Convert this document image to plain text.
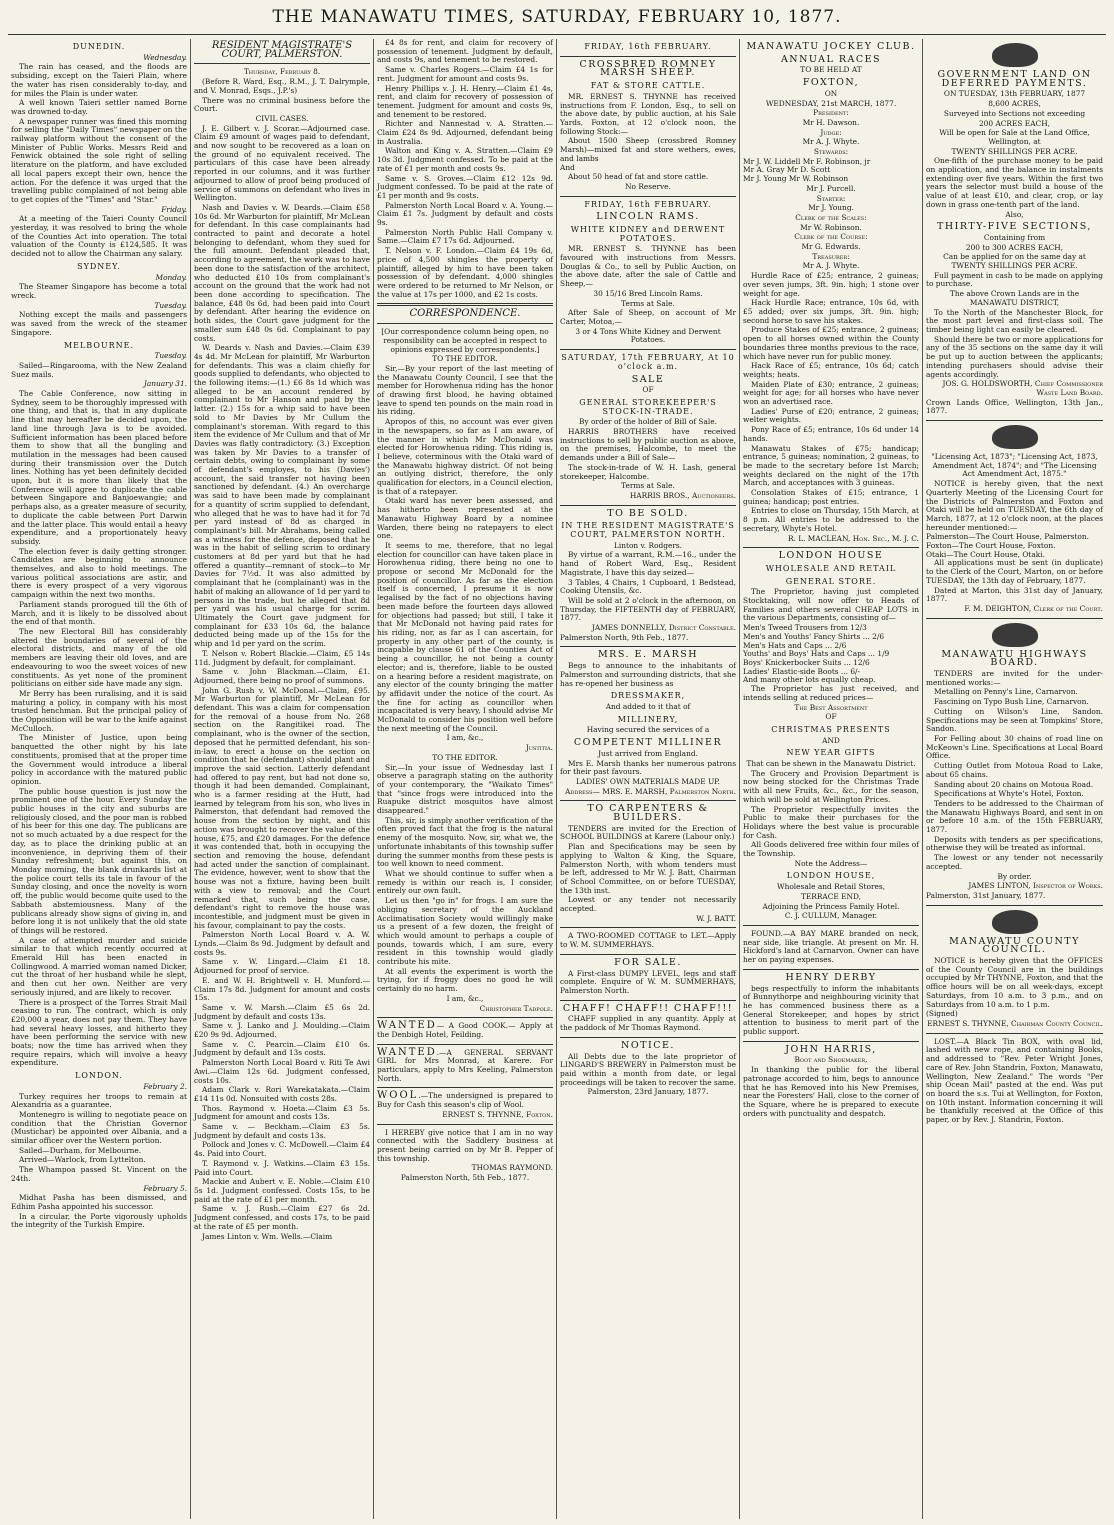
THE MANAWATU TIMES, SATURDAY, FEBRUARY 10, 1877.
DUNEDIN.
Wednesday.

The rain has ceased, and the floods are subsiding, except on the Taieri Plain, where the water has risen considerably to-day, and for miles the Plain is under water.

A well known Taieri settler named Borne was drowned to-day.

A newspaper runner was fined this morning for selling the "Daily Times" newspaper on the railway platform without the consent of the Minister of Public Works. Messrs Reid and Fenwick obtained the sole right of selling literature on the platform, and have excluded all local papers except their own, hence the action. For the defence it was urged that the travelling public complained of not being able to get copies of the "Times" and "Star."

Friday.

At a meeting of the Taieri County Council yesterday, it was resolved to bring the whole of the Counties Act into operation. The total valuation of the County is £124,585. It was decided not to allow the Chairman any salary.

SYDNEY.
Monday.

The Steamer Singapore has become a total wreck.

Tuesday.

Nothing except the mails and passengers was saved from the wreck of the steamer Singapore.

MELBOURNE.
Tuesday.

Sailed—Ringarooma, with the New Zealand Suez mails.

January 31.

The Cable Conference, now sitting in Sydney, seem to be thoroughly impressed with one thing, and that is, that in any duplicate line that may hereafter be decided upon, the land line through Java is to be avoided. Sufficient information has been placed before them to show that all the bungling and mutilation in the messages had been caused during their transmission over the Dutch lines. Nothing has yet been definitely decided upon, but it is more than likely that the Conference will agree to duplicate the cable between Singapore and Banjoewangie; and perhaps also, as a greater measure of security, to duplicate the cable between Port Darwin and the latter place. This would entail a heavy expenditure, and a proportionately heavy subsidy.

The election fever is daily getting stronger. Candidates are beginning to announce themselves, and also to hold meetings. The various political associations are astir, and there is every prospect of a very vigorous campaign within the next two months.

Parliament stands prorogued till the 6th of March, and it is likely to be dissolved about the end of that month.

The new Electoral Bill has considerably altered the boundaries of several of the electoral districts, and many of the old members are leaving their old loves, and are endeavouring to woo the sweet voices of new constituents. As yet none of the prominent politicians on either side have made any sign.

Mr Berry has been ruralising, and it is said maturing a policy, in company with his most trusted henchman. But the principal policy of the Opposition will be war to the knife against McCulloch.

The Minister of Justice, upon being banquetted the other night by his late constituents, promised that at the proper time the Government would introduce a liberal policy in accordance with the matured public opinion.

The public house question is just now the prominent one of the hour. Every Sunday the public houses in the city and suburbs are religiously closed, and the poor man is robbed of his beer for this one day. The publicans are not so much actuated by a due respect for the day, as to place the drinking public at an inconvenience, in depriving them of their Sunday refreshment; but against this, on Monday morning, the blank drunkards list at the police court tells its tale in favour of the Sunday closing, and once the novelty is worn off, the public would become quite used to the Sabbath abstemiousness. Many of the publicans already show signs of giving in, and before long it is not unlikely that the old state of things will be restored.

A case of attempted murder and suicide similar to that which recently occurred at Emerald Hill has been enacted in Collingwood. A married woman named Dicker, cut the throat of her husband while he slept, and then cut her own. Neither are very seriously injured, and are likely to recover.

There is a prospect of the Torres Strait Mail ceasing to run. The contract, which is only £20,000 a year, does not pay them. They have had several heavy losses, and hitherto they have been performing the service with new boats; now the time has arrived when they require repairs, which will involve a heavy expenditure.

LONDON.
February 2.

Turkey requires her troops to remain at Alexandria as a guarantee.

Montenegro is willing to negotiate peace on condition that the Christian Governor (Mustichar) be appointed over Albania, and a similar officer over the Western portion.

Sailed—Durham, for Melbourne.

Arrived—Warlock, from Lyttelton.

The Whampoa passed St. Vincent on the 24th.

February 5.

Midhat Pasha has been dismissed, and Edhim Pasha appointed his successor.

In a circular, the Porte vigorously upholds the integrity of the Turkish Empire.

RESIDENT MAGISTRATE'S COURT, PALMERSTON.
Thursday, February 8.

(Before R. Ward, Esq., R.M., J. T. Dalrymple, and V. Monrad, Esqs., J.P.'s)

There was no criminal business before the Court.

CIVIL CASES.

J. E. Gilbert v. J. Scorar.—Adjourned case. Claim £9 amount of wages paid to defendant, and now sought to be recovered as a loan on the ground of no equivalent received. The particulars of this case have been already reported in our columns, and it was further adjourned to allow of proof being produced of service of summons on defendant who lives in Wellington.

Nash and Davies v. W. Deards.—Claim £58 10s 6d. Mr Warburton for plaintiff, Mr McLean for defendant. In this case complainants had contracted to paint and decorate a hotel belonging to defendant, whom they sued for the full amount. Defendant pleaded that, according to agreement, the work was to have been done to the satisfaction of the architect, who deducted £10 10s from complainant's account on the ground that the work had not been done according to specification. The balance, £48 0s 6d, had been paid into Court by defendant. After hearing the evidence on both sides, the Court gave judgment for the smaller sum £48 0s 6d. Complainant to pay costs.

W. Deards v. Nash and Davies.—Claim £39 4s 4d. Mr McLean for plaintiff, Mr Warburton for defendants. This was a claim chiefly for goods supplied to defendants, who objected to the following items:—(1.) £6 8s 1d which was alleged to be an account rendered by complainant to Mr Hanson and paid by the latter. (2.) 15s for a whip said to have been sold to Mr Davies by Mr Cullum the complainant's storeman. With regard to this item the evidence of Mr Cullum and that of Mr Davies was flatly contradictory. (3.) Exception was taken by Mr Davies to a transfer of certain debts, owing to complainant by some of defendant's employes, to his (Davies') account, the said transfer not having been sanctioned by defendant. (4.) An overcharge was said to have been made by complainant for a quantity of scrim supplied to defendant, who alleged that he was to have had it for 7d per yard instead of 8d as charged in complainant's bill. Mr Abrahams, being called as a witness for the defence, deposed that he was in the habit of selling scrim to ordinary customers at 8d per yard but that he had offered a quantity—remnant of stock—to Mr Davies for 7½d. It was also admitted by complainant that he (complainant) was in the habit of making an allowance of 1d per yard to persons in the trade, but he alleged that 8d per yard was his usual charge for scrim. Ultimately the Court gave judgment for complainant for £33 10s 6d, the balance deducted being made up of the 15s for the whip and 1d per yard on the scrim.

T. Nelson v. Robert Blackie.—Claim, £5 14s 11d. Judgment by default, for complainant.

Same v. John Blackman.—Claim, £1. Adjourned, there being no proof of summons.

John G. Rush v. W. McDonal.—Claim, £95. Mr Warburton for plaintiff, Mr McLean for defendant. This was a claim for compensation for the removal of a house from No. 268 section on the Rangitikei road. The complainant, who is the owner of the section, deposed that he permitted defendant, his son-in-law, to erect a house on the section on condition that he (defendant) should plant and improve the said section. Latterly defendant had offered to pay rent, but had not done so, though it had been demanded. Complainant, who is a farmer residing at the Hutt, had learned by telegram from his son, who lives in Palmerston, that defendant had removed the house from the section by night, and this action was brought to recover the value of the house, £75, and £20 damages. For the defence it was contended that, both in occupying the section and removing the house, defendant had acted under the sanction of complainant. The evidence, however, went to show that the house was not a fixture, having been built with a view to removal; and the Court remarked that, such being the case, defendant's right to remove the house was incontestible, and judgment must be given in his favour, complainant to pay the costs.

Palmerston North Local Board v. A. W. Lynds.—Claim 8s 9d. Judgment by default and costs 9s.

Same v. W. Lingard.—Claim £1 18. Adjourned for proof of service.

E. and W. H. Brightwell v. H. Munford.—Claim 17s 8d. Judgment for amount and costs 15s.

Same v. W. Marsh.—Claim £5 6s 2d. Judgment by default and costs 13s.

Same v. J. Lanko and J. Moulding.—Claim £20 9s 9d. Adjourned.

Same v. C. Pearcin.—Claim £10 6s. Judgment by default and 13s costs.

Palmerston North Local Board v. Riti Te Awi Awi.—Claim 12s 6d. Judgment confessed, costs 10s.

Adam Clark v. Rori Warekatakata.—Claim £14 11s 0d. Nonsuited with costs 28s.

Thos. Raymond v. Hoeta.—Claim £3 5s. Judgment for amount and costs 13s.

Same v. — Beckham.—Claim £3 5s. Judgment by default and costs 13s.

Pollock and Jones v. C. McDowell.—Claim £4 4s. Paid into Court.

T. Raymond v. J. Watkins.—Claim £3 15s. Paid into Court.

Mackie and Aubert v. E. Noble.—Claim £10 5s 1d. Judgment confessed. Costs 15s, to be paid at the rate of £1 per month.

Same v. J. Rush.—Claim £27 6s 2d. Judgment confessed, and costs 17s, to be paid at the rate of £5 per month.

James Linton v. Wm. Wells.—Claim

£4 8s for rent, and claim for recovery of possession of tenement. Judgment by default, and costs 9s, and tenement to be restored.

Same v. Charles Rogers.—Claim £4 1s for rent. Judgment for amount and costs 9s.

Henry Phillips v. J. H. Henry.—Claim £1 4s, rent, and claim for recovery of possession of tenement. Judgment for amount and costs 9s, and tenement to be restored.

Richter and Nannestad v. A. Stratten.—Claim £24 8s 9d. Adjourned, defendant being in Australia.

Walton and King v. A. Stratten.—Claim £9 10s 3d. Judgment confessed. To be paid at the rate of £1 per month and costs 9s.

Same v. S. Groves.—Claim £12 12s 9d. Judgment confessed. To be paid at the rate of £1 per month and 9s costs.

Palmerston North Local Board v. A. Young.—Claim £1 7s. Judgment by default and costs 9s.

Palmerston North Public Hall Company v. Same.—Claim £7 17s 6d. Adjourned.

T. Nelson v. F. London.—Claim £4 19s 6d, price of 4,500 shingles the property of plaintiff, alleged by him to have been taken possession of by defendant. 4,000 shingles were ordered to be returned to Mr Nelson, or the value at 17s per 1000, and £2 1s costs.

CORRESPONDENCE.
[Our correspondence column being open, no responsibility can be accepted in respect to opinions expressed by correspondents.]
TO THE EDITOR.

Sir,—By your report of the last meeting of the Manawatu County Council, I see that the member for Horowhenua riding has the honor of drawing first blood, he having obtained leave to spend ten pounds on the main road in his riding.

Apropos of this, no account was ever given in the newspapers, so far as I am aware, of the manner in which Mr McDonald was elected for Horowhenua riding. This riding is, I believe, coterminous with the Otaki ward of the Manawatu highway district. Of not being an outlying district, therefore, the only qualification for electors, in a Council election, is that of a ratepayer.

Otaki ward has never been assessed, and has hitherto been represented at the Manawatu Highway Board by a nominee Warden, there being no ratepayers to elect one.

It seems to me, therefore, that no legal election for councillor can have taken place in Horowhenua riding, there being no one to propose or second Mr McDonald for the position of councillor. As far as the election itself is concerned, I presume it is now legalised by the fact of no objections having been made before the fourteen days allowed for objections had passed; but still, I take it that Mr McDonald not having paid rates for his riding, nor, as far as I can ascertain, for property in any other part of the county, is incapable by clause 61 of the Counties Act of being a councillor, he not being a county elector; and is, therefore, liable to be ousted on a hearing before a resident magistrate, on any elector of the county bringing the matter by affidavit under the notice of the court. As the fine for acting as councillor when incapacitated is very heavy, I should advise Mr McDonald to consider his position well before the next meeting of the Council.

I am, &c.,
Justitia.
TO THE EDITOR.

Sir,—In your issue of Wednesday last I observe a paragraph stating on the authority of your contemporary, the "Waikato Times" that "since frogs were introduced into the Ruapuke district mosquitos have almost disappeared."

This, sir, is simply another verification of the often proved fact that the frog is the natural enemy of the mosquito. Now, sir, what we, the unfortunate inhabitants of this township suffer during the summer months from these pests is too well known to need comment.

What we should continue to suffer when a remedy is within our reach is, I consider, entirely our own fault.

Let us then "go in" for frogs. I am sure the obliging secretary of the Auckland Acclimatisation Society would willingly make us a present of a few dozen, the freight of which would amount to perhaps a couple of pounds, towards which, I am sure, every resident in this township would gladly contribute his mite.

At all events the experiment is worth the trying, for if froggy does no good he will certainly do no harm.

I am, &c.,
Christopher Tadpole.
WANTED— A Good COOK.— Apply at the Denbigh Hotel, Feilding.
WANTED.—A GENERAL SERVANT GIRL for Mrs Monrad, at Karere. For particulars, apply to Mrs Keeling, Palmerston North.
WOOL.—The undersigned is prepared to Buy for Cash this season's clip of Wool.
ERNEST S. THYNNE, Foxton.

I HEREBY give notice that I am in no way connected with the Saddlery business at present being carried on by Mr B. Pepper of this township.

THOMAS RAYMOND.
Palmerston North, 5th Feb., 1877.
FRIDAY, 16th FEBRUARY.
CROSSBRED ROMNEY MARSH SHEEP.
FAT & STORE CATTLE.

MR. ERNEST S. THYNNE has received instructions from F. London, Esq., to sell on the above date, by public auction, at his Sale Yards, Foxton, at 12 o'clock noon, the following Stock:—

About 1500 Sheep (crossbred Romney Marsh)—mixed fat and store wethers, ewes, and lambs

And

About 50 head of fat and store cattle.

No Reserve.
FRIDAY, 16th FEBRUARY.
LINCOLN RAMS.
WHITE KIDNEY and DERWENT POTATOES.

MR. ERNEST S. THYNNE has been favoured with instructions from Messrs. Douglas & Co., to sell by Public Auction, on the above date, after the sale of Cattle and Sheep,—

30 15/16 Bred Lincoln Rams.
Terms at Sale.

After Sale of Sheep, on account of Mr Carter, Motoa,—

3 or 4 Tons White Kidney and Derwent Potatoes.
SATURDAY, 17th FEBRUARY, At 10 o'clock a.m.
SALE
OF
GENERAL STOREKEEPER'S STOCK-IN-TRADE.
By order of the holder of Bill of Sale.

HARRIS BROTHERS have received instructions to sell by public auction as above, on the premises, Halcombe, to meet the demands under a Bill of Sale—

The stock-in-trade of W. H. Lash, general storekeeper, Halcombe.

Terms at Sale.
HARRIS BROS., Auctioneers.
TO BE SOLD.
IN THE RESIDENT MAGISTRATE'S COURT, PALMERSTON NORTH.
Linton v. Rodgers.

By virtue of a warrant, R.M.—16., under the hand of Robert Ward, Esq., Resident Magistrate, I have this day seized—

3 Tables, 4 Chairs, 1 Cupboard, 1 Bedstead, Cooking Utensils, &c.

Will be sold at 2 o'clock in the afternoon, on Thursday, the FIFTEENTH day of FEBRUARY, 1877.

JAMES DONNELLY, District Constable.
Palmerston North, 9th Feb., 1877.
MRS. E. MARSH

Begs to announce to the inhabitants of Palmerston and surrounding districts, that she has re-opened her business as

DRESSMAKER,
And added to it that of
MILLINERY,
Having secured the services of a
COMPETENT MILLINER
Just arrived from England.

Mrs E. Marsh thanks her numerous patrons for their past favours.

LADIES' OWN MATERIALS MADE UP.
Address— MRS. E. MARSH, Palmerston North.
TO CARPENTERS & BUILDERS.

TENDERS are invited for the Erection of SCHOOL BUILDINGS at Karere (Labour only.)

Plan and Specifications may be seen by applying to Walton & King, the Square, Palmerston North, with whom tenders must be left, addressed to Mr W. J. Batt, Chairman of School Committee, on or before TUESDAY, the 13th inst.

Lowest or any tender not necessarily accepted.

W. J. BATT.

A TWO-ROOMED COTTAGE to LET.—Apply to W. M. SUMMERHAYS.

FOR SALE.

A First-class DUMPY LEVEL, legs and staff complete. Enquire of W. M. SUMMERHAYS, Palmerston North.

CHAFF! CHAFF!! CHAFF!!!

CHAFF supplied in any quantity. Apply at the paddock of Mr Thomas Raymond.

NOTICE.

All Debts due to the late proprietor of LINGARD'S BREWERY in Palmerston must be paid within a month from date, or legal proceedings will be taken to recover the same.

Palmerston, 23rd January, 1877.
MANAWATU JOCKEY CLUB.
ANNUAL RACES
TO BE HELD AT
FOXTON,
ON
WEDNESDAY, 21st MARCH, 1877.
President:
Mr H. Dawson.
Judge:
Mr A. J. Whyte.
Stewards:
Mr J. W. Liddell Mr F. Robinson, jr
Mr A. Gray Mr D. Scott
Mr J. Young Mr W. Robinson
Mr J. Purcell.
Starter:
Mr J. Young.
Clerk of the Scales:
Mr W. Robinson.
Clerk of the Course:
Mr G. Edwards.
Treasurer:
Mr A. J. Whyte.

Hurdle Race of £25; entrance, 2 guineas; over seven jumps, 3ft. 9in. high; 1 stone over weight for age.

Hack Hurdle Race; entrance, 10s 6d, with £5 added; over six jumps, 3ft. 9in. high; second horse to save his stakes.

Produce Stakes of £25; entrance, 2 guineas; open to all horses owned within the County boundaries three months previous to the race, which have never run for public money.

Hack Race of £5; entrance, 10s 6d; catch weights; heats.

Maiden Plate of £30; entrance, 2 guineas; weight for age; for all horses who have never won an advertised race.

Ladies' Purse of £20; entrance, 2 guineas; welter weights.

Pony Race of £5; entrance, 10s 6d under 14 hands.

Manawatu Stakes of £75; handicap; entrance, 5 guineas; nomination, 2 guineas, to be made to the secretary before 1st March; weights declared on the night of the 17th March, and acceptances with 3 guineas.

Consolation Stakes of £15; entrance, 1 guinea; handicap; post entries.

Entries to close on Thursday, 15th March, at 8 p.m. All entries to be addressed to the secretary, Whyte's Hotel.

R. L. MACLEAN, Hon. Sec., M. J. C.
LONDON HOUSE
WHOLESALE AND RETAIL
GENERAL STORE.

The Proprietor, having just completed Stocktaking, will now offer to Heads of Families and others several CHEAP LOTS in the various Departments, consisting of—

Men's Tweed Trousers from 12/3
Men's and Youths' Fancy Shirts ... 2/6
Men's Hats and Caps ... 2/6
Youths' and Boys' Hats and Caps ... 1/9
Boys' Knickerbocker Suits ... 12/6
Ladies' Elastic-side Boots ... 6/-
And many other lots equally cheap.

The Proprietor has just received, and intends selling at reduced prices—

The Best Assortment
OF
CHRISTMAS PRESENTS
AND
NEW YEAR GIFTS
That can be shewn in the Manawatu District.

The Grocery and Provision Department is now being stocked for the Christmas Trade with all new Fruits, &c., &c., for the season, which will be sold at Wellington Prices.

The Proprietor respectfully invites the Public to make their purchases for the Holidays where the best value is procurable for Cash.

All Goods delivered free within four miles of the Township.

Note the Address—
LONDON HOUSE,
Wholesale and Retail Stores,
TERRACE END,
Adjoining the Princess Family Hotel.
C. J. CULLUM, Manager.

FOUND.—A BAY MARE branded on neck, near side, like triangle. At present on Mr. H. Hickford's land at Carnarvon. Owner can have her on paying expenses.

HENRY DERBY

begs respectfully to inform the inhabitants of Bunnythorpe and neighbouring vicinity that he has commenced business there as a General Storekeeper, and hopes by strict attention to business to merit part of the public support.

JOHN HARRIS,
Boot and Shoemaker,

In thanking the public for the liberal patronage accorded to him, begs to announce that he has Removed into his New Premises, near the Foresters' Hall, close to the corner of the Square, where he is prepared to execute orders with punctuality and despatch.

GOVERNMENT LAND ON DEFERRED PAYMENTS.
ON TUESDAY, 13th FEBRUARY, 1877
8,600 ACRES,
Surveyed into Sections not exceeding
200 ACRES EACH,
Will be open for Sale at the Land Office, Wellington, at
TWENTY SHILLINGS PER ACRE.

One-fifth of the purchase money to be paid on application, and the balance in instalments extending over five years. Within the first two years the selector must build a house of the value of at least £10, and clear, crop, or lay down in grass one-tenth part of the land.

Also,
THIRTY-FIVE SECTIONS,
Containing from
200 to 300 ACRES EACH,
Can be applied for on the same day at TWENTY SHILLINGS PER ACRE.

Full payment in cash to be made on applying to purchase.

The above Crown Lands are in the MANAWATU DISTRICT,

To the North of the Manchester Block, for the most part level and first-class soil. The timber being light can easily be cleared.

Should there be two or more applications for any of the 35 sections on the same day it will be put up to auction between the applicants; intending purchasers should advise their agents accordingly.

JOS. G. HOLDSWORTH, Chief Commissioner Waste Land Board.
Crown Lands Office, Wellington, 13th Jan., 1877.
"Licensing Act, 1873"; "Licensing Act, 1873, Amendment Act, 1874"; and "The Licensing Act Amendment Act, 1875."

NOTICE is hereby given, that the next Quarterly Meeting of the Licensing Court for the Districts of Palmerston and Foxton and Otaki will be held on TUESDAY, the 6th day of March, 1877, at 12 o'clock noon, at the places hereunder mentioned:—

Palmerston—The Court House, Palmerston.
Foxton—The Court House, Foxton.
Otaki—The Court House, Otaki.

All applications must be sent (in duplicate) to the Clerk of the Court, Marton, on or before TUESDAY, the 13th day of February, 1877.

Dated at Marton, this 31st day of January, 1877.

F. M. DEIGHTON, Clerk of the Court.
MANAWATU HIGHWAYS BOARD.

TENDERS are invited for the under-mentioned works:—

Metalling on Penny's Line, Carnarvon.

Fascining on Typo Bush Line, Carnarvon.

Cutting on Wilson's Line, Sandon. Specifications may be seen at Tompkins' Store, Sandon.

For Felling about 30 chains of road line on McKeown's Line. Specifications at Local Board Office.

Cutting Outlet from Motoua Road to Lake, about 65 chains.

Sanding about 20 chains on Motoua Road.

Specifications at Whyte's Hotel, Foxton.

Tenders to be addressed to the Chairman of the Manawatu Highways Board, and sent in on or before 10 a.m. of the 15th FEBRUARY, 1877.

Deposits with tenders as per specifications, otherwise they will be treated as informal.

The lowest or any tender not necessarily accepted.

By order.
JAMES LINTON, Inspector of Works.
Palmerston, 31st January, 1877.
MANAWATU COUNTY COUNCIL.

NOTICE is hereby given that the OFFICES of the County Council are in the buildings occupied by Mr THYNNE, Foxton, and that the office hours will be on all week-days, except Saturdays, from 10 a.m. to 3 p.m., and on Saturdays from 10 a.m. to 1 p.m.

(Signed)
ERNEST S. THYNNE, Chairman County Council.

LOST.—A Black Tin BOX, with oval lid, lashed with new rope, and containing Books, and addressed to "Rev. Peter Wright Jones, care of Rev. John Standrin, Foxton, Manawatu, Wellington, New Zealand." The words "Per ship Ocean Mail" pasted at the end. Was put on board the s.s. Tui at Wellington, for Foxton, on 10th instant. Information concerning it will be thankfully received at the Office of this paper, or by Rev. J. Standrin, Foxton.
